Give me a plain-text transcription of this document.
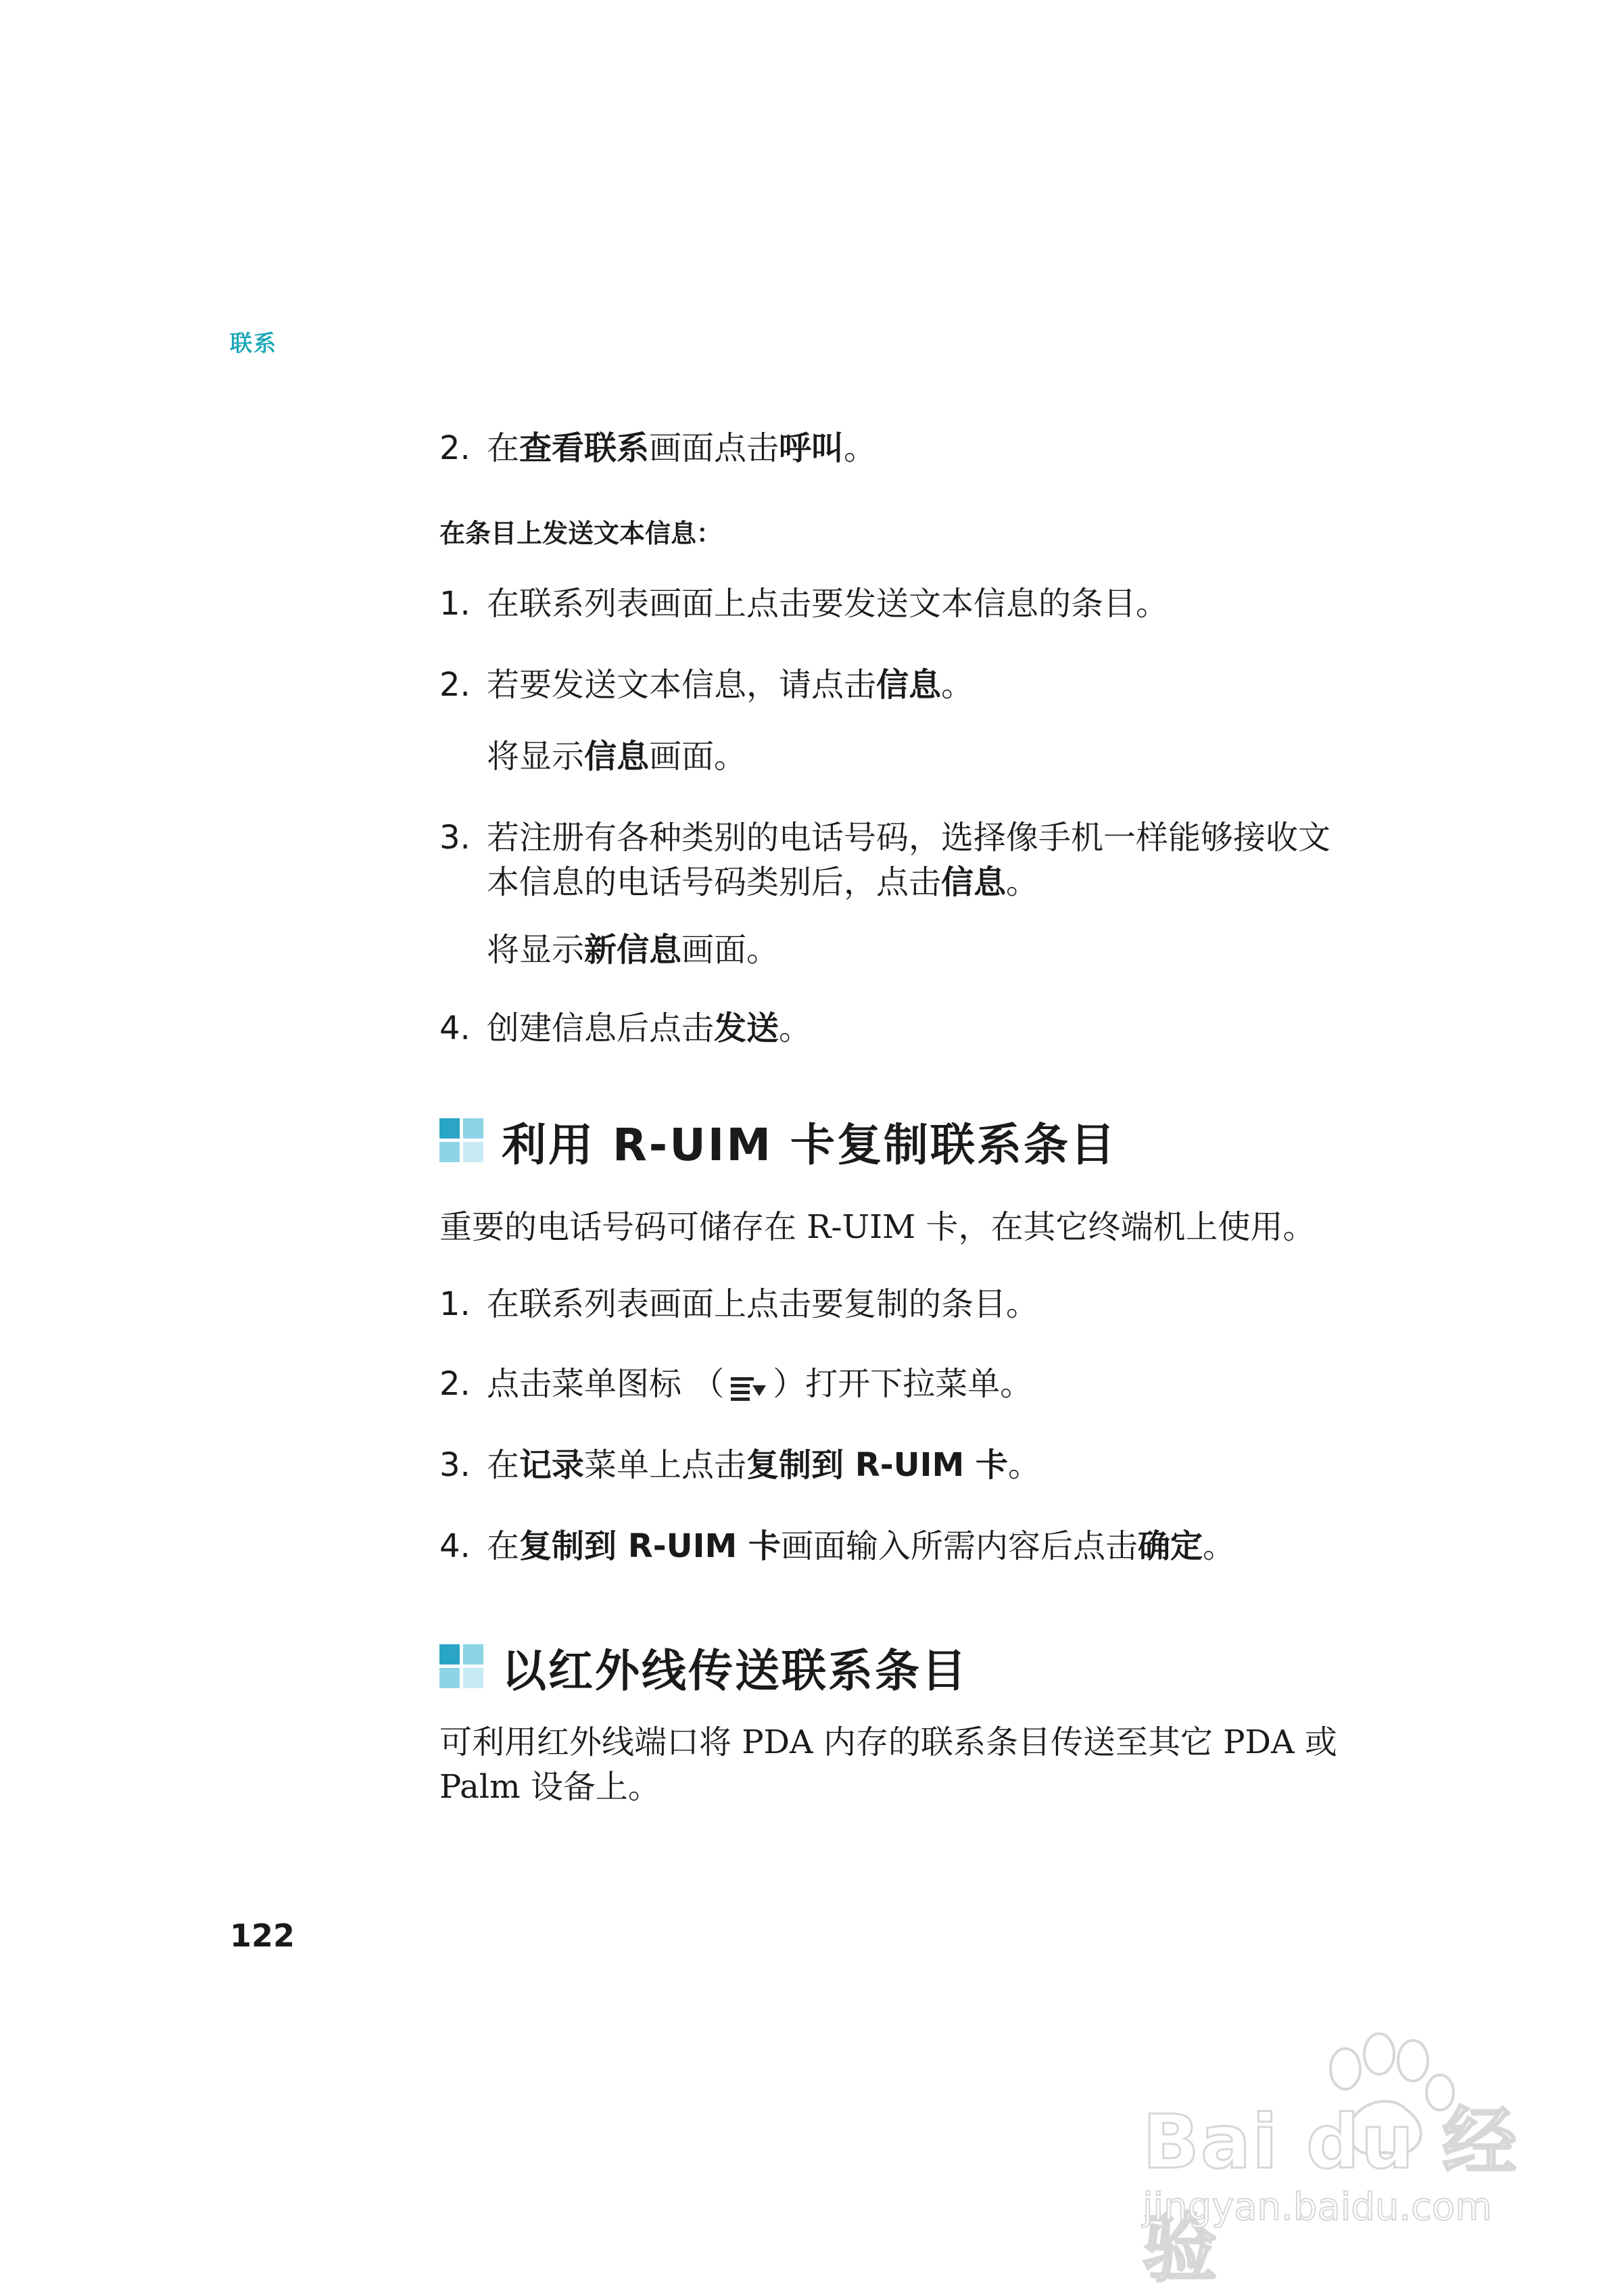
联系
2. 在查看联系画面点击呼叫。
在条目上发送文本信息：
1. 在联系列表画面上点击要发送文本信息的条目。
2. 若要发送文本信息，请点击信息。
将显示信息画面。
3. 若注册有各种类别的电话号码，选择像手机一样能够接收文
本信息的电话号码类别后，点击信息。
将显示新信息画面。
4. 创建信息后点击发送。
利用 R-UIM 卡复制联系条目
重要的电话号码可储存在 R-UIM 卡，在其它终端机上使用。
1. 在联系列表画面上点击要复制的条目。
2. 点击菜单图标 （ ）打开下拉菜单。
3. 在记录菜单上点击复制到 R-UIM 卡。
4. 在复制到 R-UIM 卡画面输入所需内容后点击确定。
以红外线传送联系条目
可利用红外线端口将 PDA 内存的联系条目传送至其它 PDA 或
Palm 设备上。
122
Bai du 经验
jingyan.baidu.com
